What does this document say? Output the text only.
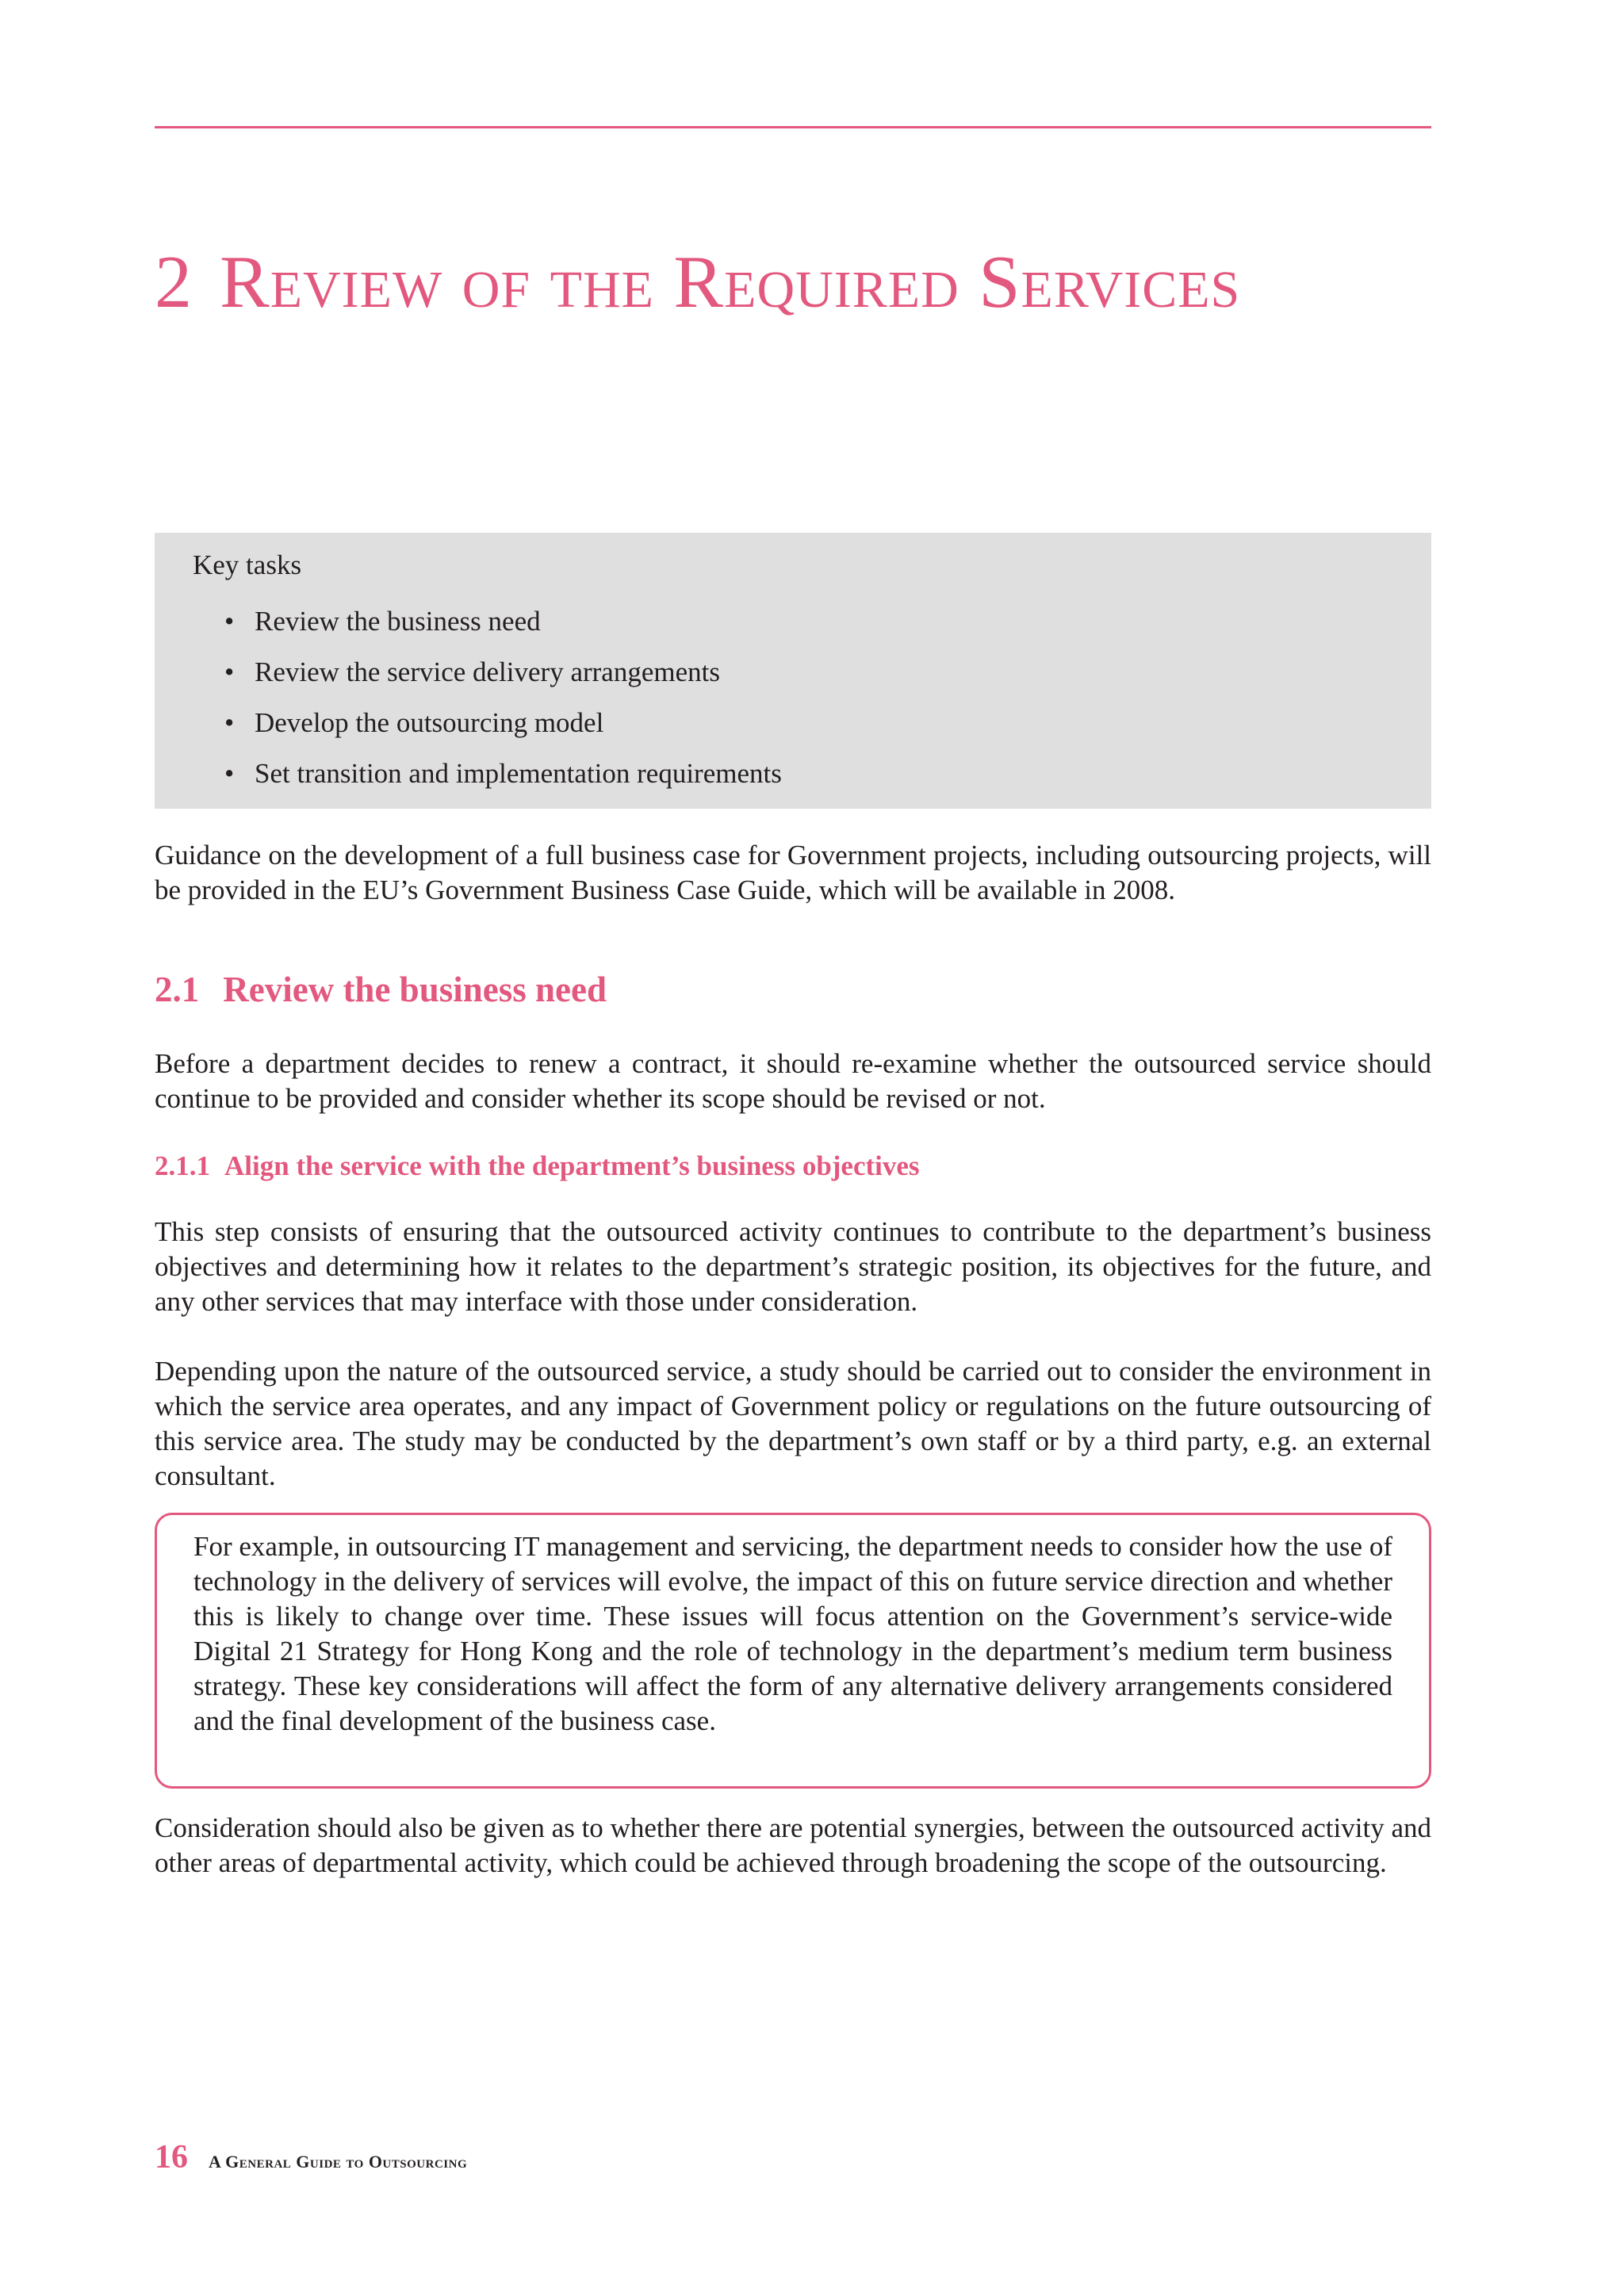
2 Review of the Required Services

Key tasks

• Review the business need
• Review the service delivery arrangements
• Develop the outsourcing model
• Set transition and implementation requirements

Guidance on the development of a full business case for Government projects, including outsourcing projects, will be provided in the EU’s Government Business Case Guide, which will be available in 2008.

2.1 Review the business need

Before a department decides to renew a contract, it should re-examine whether the outsourced service should continue to be provided and consider whether its scope should be revised or not.

2.1.1 Align the service with the department’s business objectives

This step consists of ensuring that the outsourced activity continues to contribute to the department’s business objectives and determining how it relates to the department’s strategic position, its objectives for the future, and any other services that may interface with those under consideration.

Depending upon the nature of the outsourced service, a study should be carried out to consider the environment in which the service area operates, and any impact of Government policy or regulations on the future outsourcing of this service area. The study may be conducted by the department’s own staff or by a third party, e.g. an external consultant.

For example, in outsourcing IT management and servicing, the department needs to consider how the use of technology in the delivery of services will evolve, the impact of this on future service direction and whether this is likely to change over time. These issues will focus attention on the Government’s service-wide Digital 21 Strategy for Hong Kong and the role of technology in the department’s medium term business strategy. These key considerations will affect the form of any alternative delivery arrangements considered and the final development of the business case.

Consideration should also be given as to whether there are potential synergies, between the outsourced activity and other areas of departmental activity, which could be achieved through broadening the scope of the outsourcing.

16 A General Guide to Outsourcing
